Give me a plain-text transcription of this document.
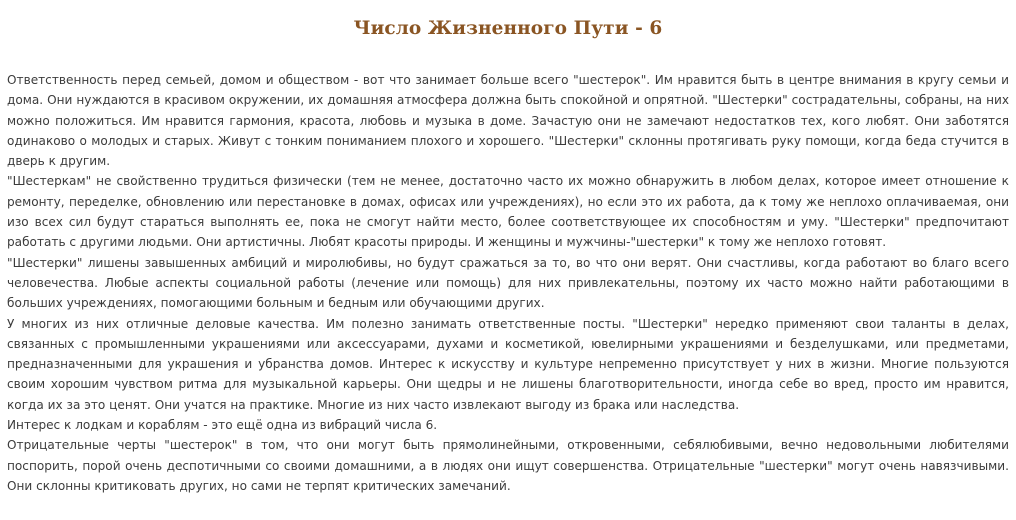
Число Жизненного Пути - 6

Ответственность перед семьей, домом и обществом - вот что занимает больше всего "шестерок". Им нравится быть в центре внимания в кругу семьи и дома. Они нуждаются в красивом окружении, их домашняя атмосфера должна быть спокойной и опрятной. "Шестерки" сострадательны, собраны, на них можно положиться. Им нравится гармония, красота, любовь и музыка в доме. Зачастую они не замечают недостатков тех, кого любят. Они заботятся одинаково о молодых и старых. Живут с тонким пониманием плохого и хорошего. "Шестерки" склонны протягивать руку помощи, когда беда стучится в дверь к другим.

"Шестеркам" не свойственно трудиться физически (тем не менее, достаточно часто их можно обнаружить в любом делах, которое имеет отношение к ремонту, переделке, обновлению или перестановке в домах, офисах или учреждениях), но если это их работа, да к тому же неплохо оплачиваемая, они изо всех сил будут стараться выполнять ее, пока не смогут найти место, более соответствующее их способностям и уму. "Шестерки" предпочитают работать с другими людьми. Они артистичны. Любят красоты природы. И женщины и мужчины-"шестерки" к тому же неплохо готовят.

"Шестерки" лишены завышенных амбиций и миролюбивы, но будут сражаться за то, во что они верят. Они счастливы, когда работают во благо всего человечества. Любые аспекты социальной работы (лечение или помощь) для них привлекательны, поэтому их часто можно найти работающими в больших учреждениях, помогающими больным и бедным или обучающими других.

У многих из них отличные деловые качества. Им полезно занимать ответственные посты. "Шестерки" нередко применяют свои таланты в делах, связанных с промышленными украшениями или аксессуарами, духами и косметикой, ювелирными украшениями и безделушками, или предметами, предназначенными для украшения и убранства домов. Интерес к искусству и культуре непременно присутствует у них в жизни. Многие пользуются своим хорошим чувством ритма для музыкальной карьеры. Они щедры и не лишены благотворительности, иногда себе во вред, просто им нравится, когда их за это ценят. Они учатся на практике. Многие из них часто извлекают выгоду из брака или наследства.

Интерес к лодкам и кораблям - это ещё одна из вибраций числа 6.

Отрицательные черты "шестерок" в том, что они могут быть прямолинейными, откровенными, себялюбивыми, вечно недовольными любителями поспорить, порой очень деспотичными со своими домашними, а в людях они ищут совершенства. Отрицательные "шестерки" могут очень навязчивыми. Они склонны критиковать других, но сами не терпят критических замечаний.
